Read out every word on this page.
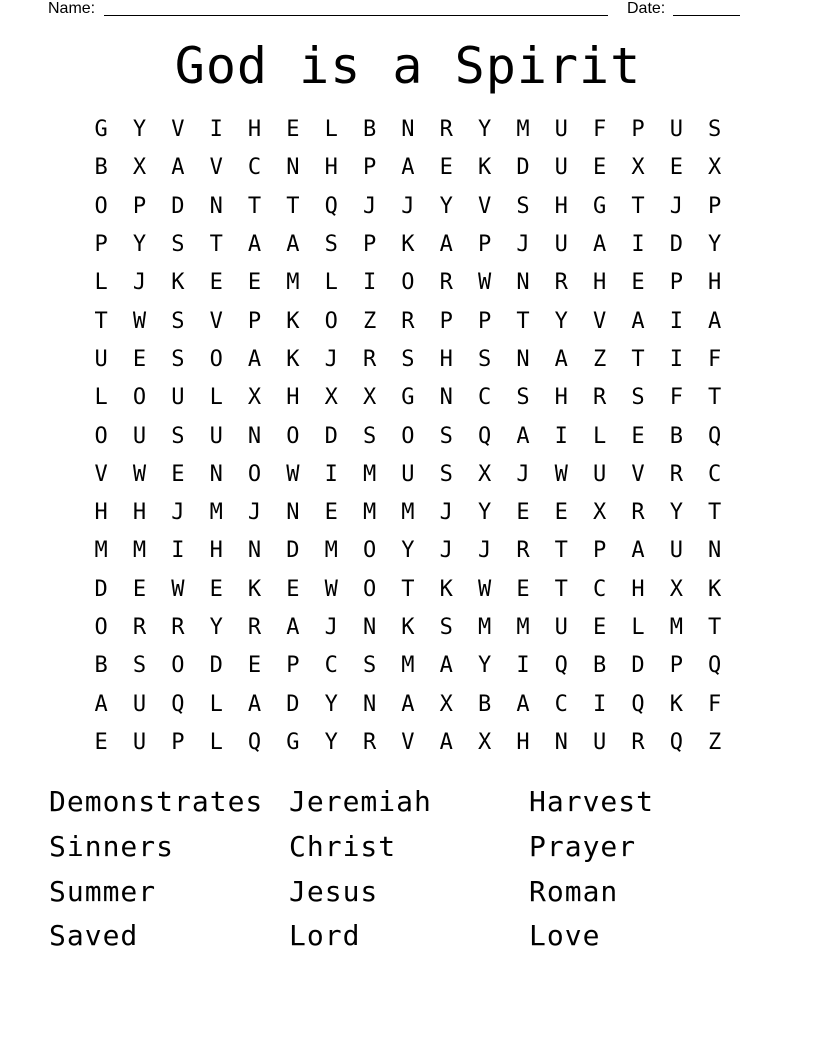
Name:	Date:
God is a Spirit
G	Y	V	I	H	E	L	B	N	R	Y	M	U	F	P	U	S
B	X	A	V	C	N	H	P	A	E	K	D	U	E	X	E	X
O	P	D	N	T	T	Q	J	J	Y	V	S	H	G	T	J	P
P	Y	S	T	A	A	S	P	K	A	P	J	U	A	I	D	Y
L	J	K	E	E	M	L	I	O	R	W	N	R	H	E	P	H
T	W	S	V	P	K	O	Z	R	P	P	T	Y	V	A	I	A
U	E	S	O	A	K	J	R	S	H	S	N	A	Z	T	I	F
L	O	U	L	X	H	X	X	G	N	C	S	H	R	S	F	T
O	U	S	U	N	O	D	S	O	S	Q	A	I	L	E	B	Q
V	W	E	N	O	W	I	M	U	S	X	J	W	U	V	R	C
H	H	J	M	J	N	E	M	M	J	Y	E	E	X	R	Y	T
M	M	I	H	N	D	M	O	Y	J	J	R	T	P	A	U	N
D	E	W	E	K	E	W	O	T	K	W	E	T	C	H	X	K
O	R	R	Y	R	A	J	N	K	S	M	M	U	E	L	M	T
B	S	O	D	E	P	C	S	M	A	Y	I	Q	B	D	P	Q
A	U	Q	L	A	D	Y	N	A	X	B	A	C	I	Q	K	F
E	U	P	L	Q	G	Y	R	V	A	X	H	N	U	R	Q	Z
Demonstrates Jeremiah	Harvest
Sinners	Christ	Prayer
Summer	Jesus	Roman
Saved	Lord	Love
